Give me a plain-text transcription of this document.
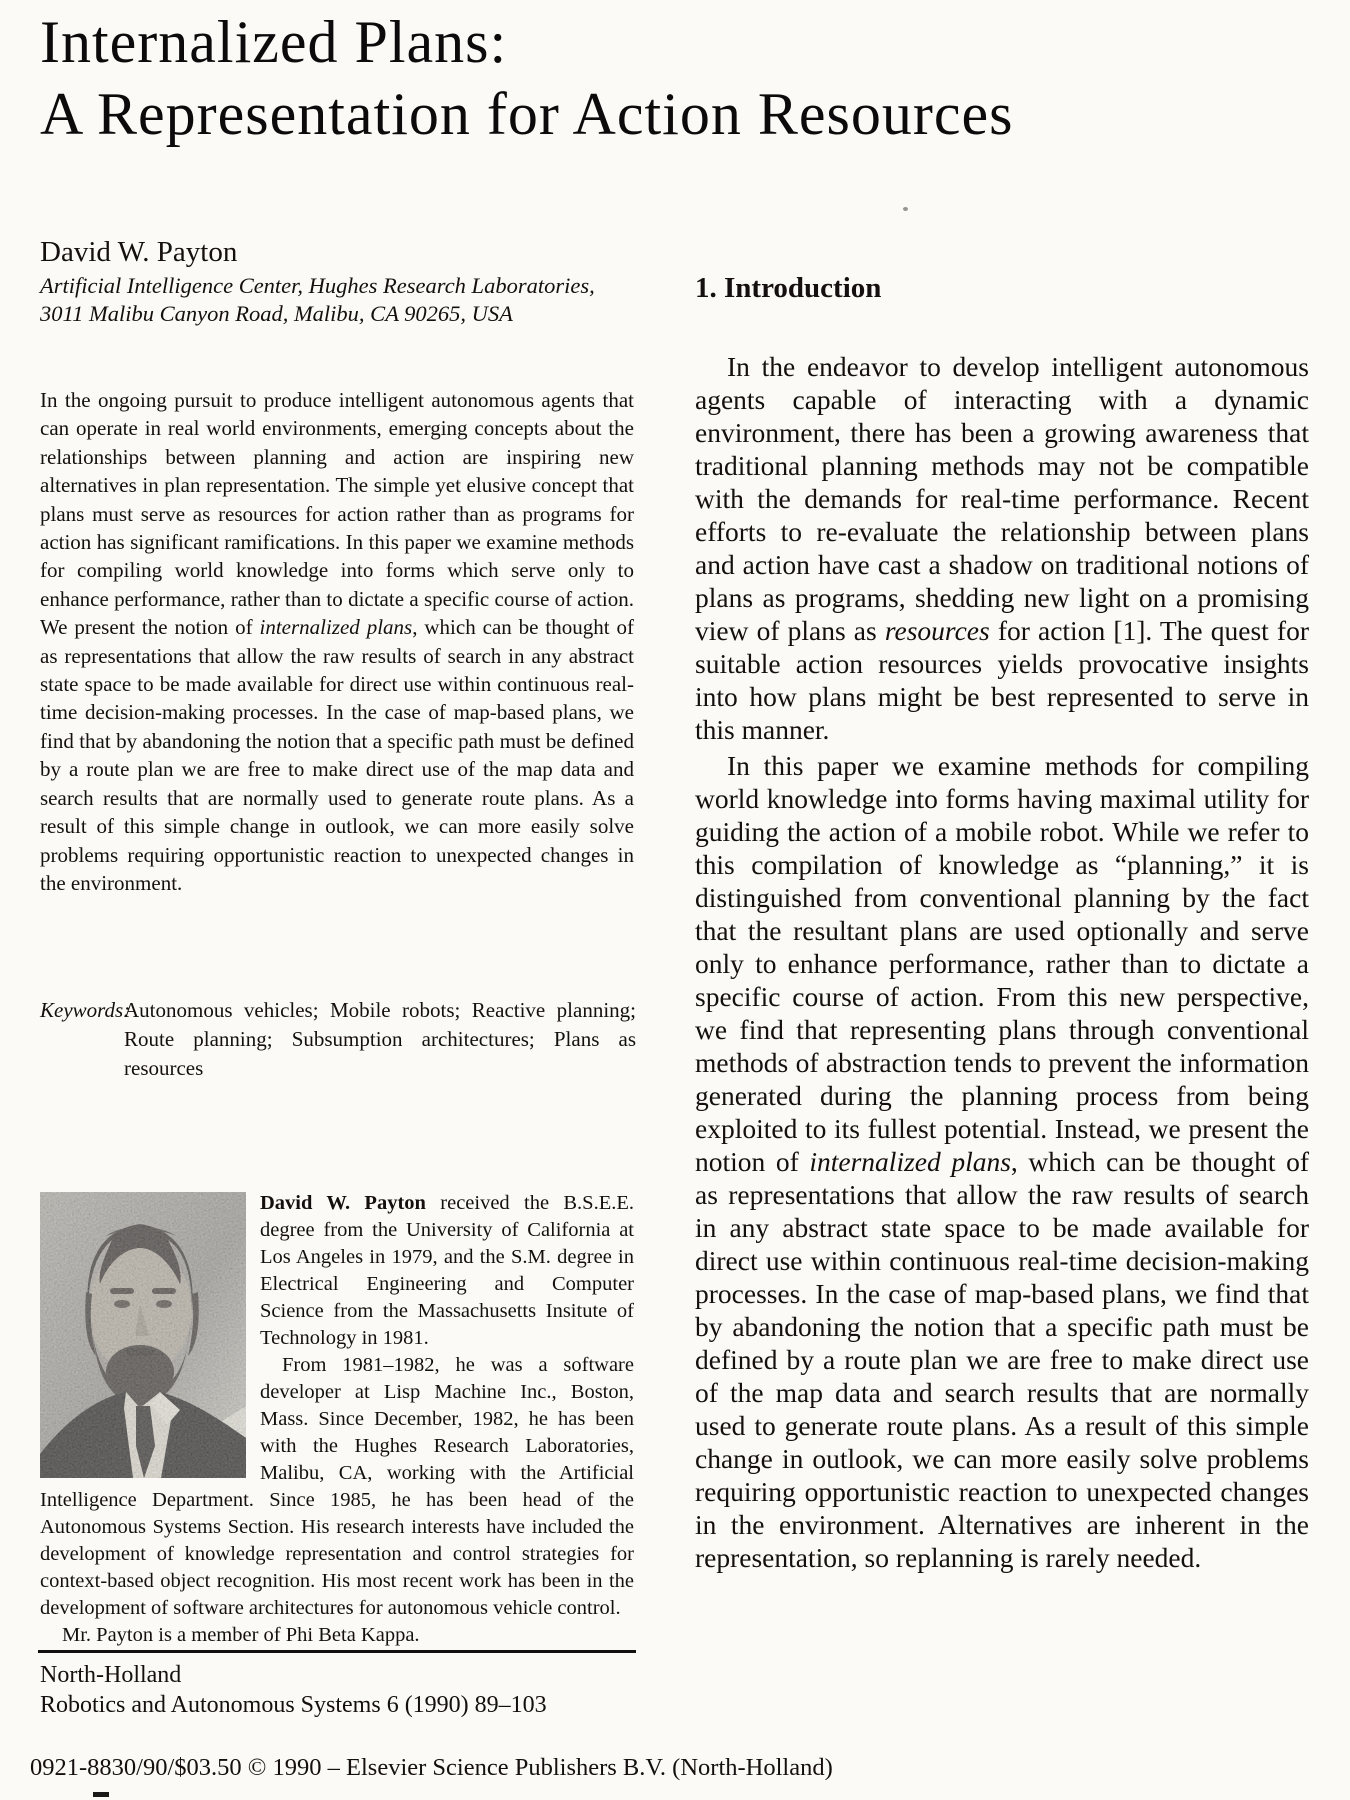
Internalized Plans:
A Representation for Action Resources
David W. Payton
Artificial Intelligence Center, Hughes Research Laboratories,
3011 Malibu Canyon Road, Malibu, CA 90265, USA
In the ongoing pursuit to produce intelligent autonomous agents that can operate in real world environments, emerging concepts about the relationships between planning and action are inspiring new alternatives in plan representation. The simple yet elusive concept that plans must serve as resources for action rather than as programs for action has significant ramifications. In this paper we examine methods for compiling world knowledge into forms which serve only to enhance performance, rather than to dictate a specific course of action. We present the notion of internalized plans, which can be thought of as representations that allow the raw results of search in any abstract state space to be made available for direct use within continuous real-time decision-making processes. In the case of map-based plans, we find that by abandoning the notion that a specific path must be defined by a route plan we are free to make direct use of the map data and search results that are normally used to generate route plans. As a result of this simple change in outlook, we can more easily solve problems requiring opportunistic reaction to unexpected changes in the environment.
Keywords:
Autonomous vehicles; Mobile robots; Reactive planning; Route planning; Subsumption architectures; Plans as resources

David W. Payton received the B.S.E.E. degree from the University of California at Los Angeles in 1979, and the S.M. degree in Electrical Engineering and Computer Science from the Massachusetts Insitute of Technology in 1981.

From 1981–1982, he was a software developer at Lisp Machine Inc., Boston, Mass. Since December, 1982, he has been with the Hughes Research Laboratories, Malibu, CA, working with the Artificial Intelligence Department. Since 1985, he has been head of the Autonomous Systems Section. His research interests have included the development of knowledge representation and control strategies for context-based object recognition. His most recent work has been in the development of software architectures for autonomous vehicle control.

Mr. Payton is a member of Phi Beta Kappa.

North-Holland
Robotics and Autonomous Systems 6 (1990) 89–103
0921-8830/90/$03.50 © 1990 – Elsevier Science Publishers B.V. (North-Holland)
1. Introduction

In the endeavor to develop intelligent autonomous agents capable of interacting with a dynamic environment, there has been a growing awareness that traditional planning methods may not be compatible with the demands for real-time performance. Recent efforts to re-evaluate the relationship between plans and action have cast a shadow on traditional notions of plans as programs, shedding new light on a promising view of plans as resources for action [1]. The quest for suitable action resources yields provocative insights into how plans might be best represented to serve in this manner.

In this paper we examine methods for compiling world knowledge into forms having maximal utility for guiding the action of a mobile robot. While we refer to this compilation of knowledge as “planning,” it is distinguished from conventional planning by the fact that the resultant plans are used optionally and serve only to enhance performance, rather than to dictate a specific course of action. From this new perspective, we find that representing plans through conventional methods of abstraction tends to prevent the information generated during the planning process from being exploited to its fullest potential. Instead, we present the notion of internalized plans, which can be thought of as representations that allow the raw results of search in any abstract state space to be made available for direct use within continuous real-time decision-making processes. In the case of map-based plans, we find that by abandoning the notion that a specific path must be defined by a route plan we are free to make direct use of the map data and search results that are normally used to generate route plans. As a result of this simple change in outlook, we can more easily solve problems requiring opportunistic reaction to unexpected changes in the environment. Alternatives are inherent in the representation, so replanning is rarely needed.
